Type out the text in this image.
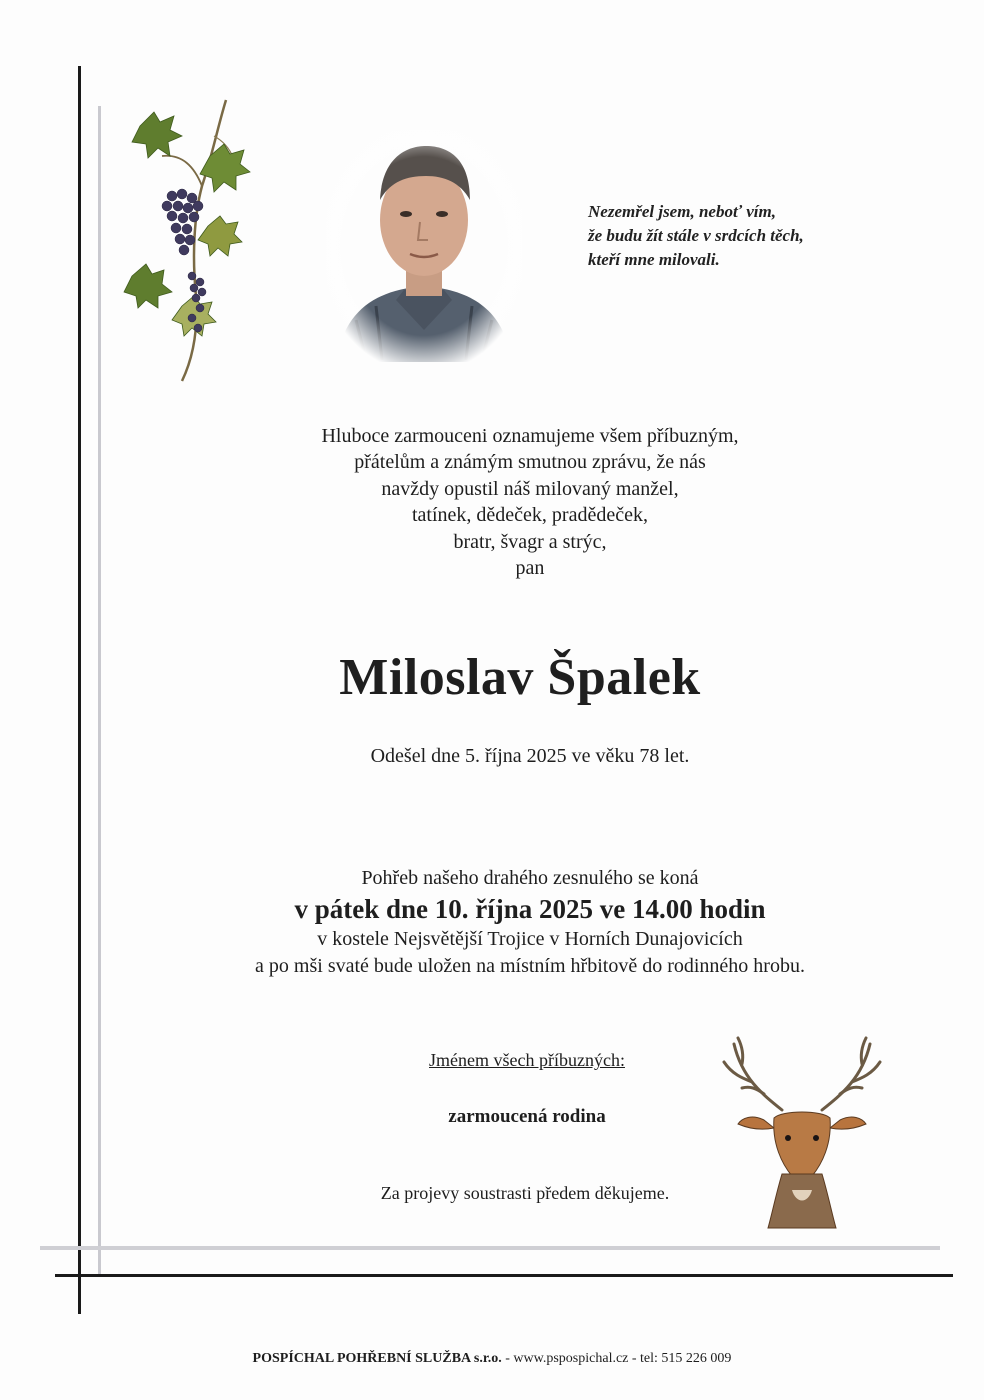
Nezemřel jsem, neboť vím,
že budu žít stále v srdcích těch,
kteří mne milovali.
Hluboce zarmouceni oznamujeme všem příbuzným,
přátelům a známým smutnou zprávu, že nás
navždy opustil náš milovaný manžel,
tatínek, dědeček, pradědeček,
bratr, švagr a strýc,
pan
Miloslav Špalek
Odešel dne 5. října 2025 ve věku 78 let.
Pohřeb našeho drahého zesnulého se koná
v pátek dne 10. října 2025 ve 14.00 hodin
v kostele Nejsvětější Trojice v Horních Dunajovicích
a po mši svaté bude uložen na místním hřbitově do rodinného hrobu.
Jménem všech příbuzných:
zarmoucená rodina
Za projevy soustrasti předem děkujeme.
POSPÍCHAL POHŘEBNÍ SLUŽBA s.r.o. - www.pspospichal.cz - tel: 515 226 009
